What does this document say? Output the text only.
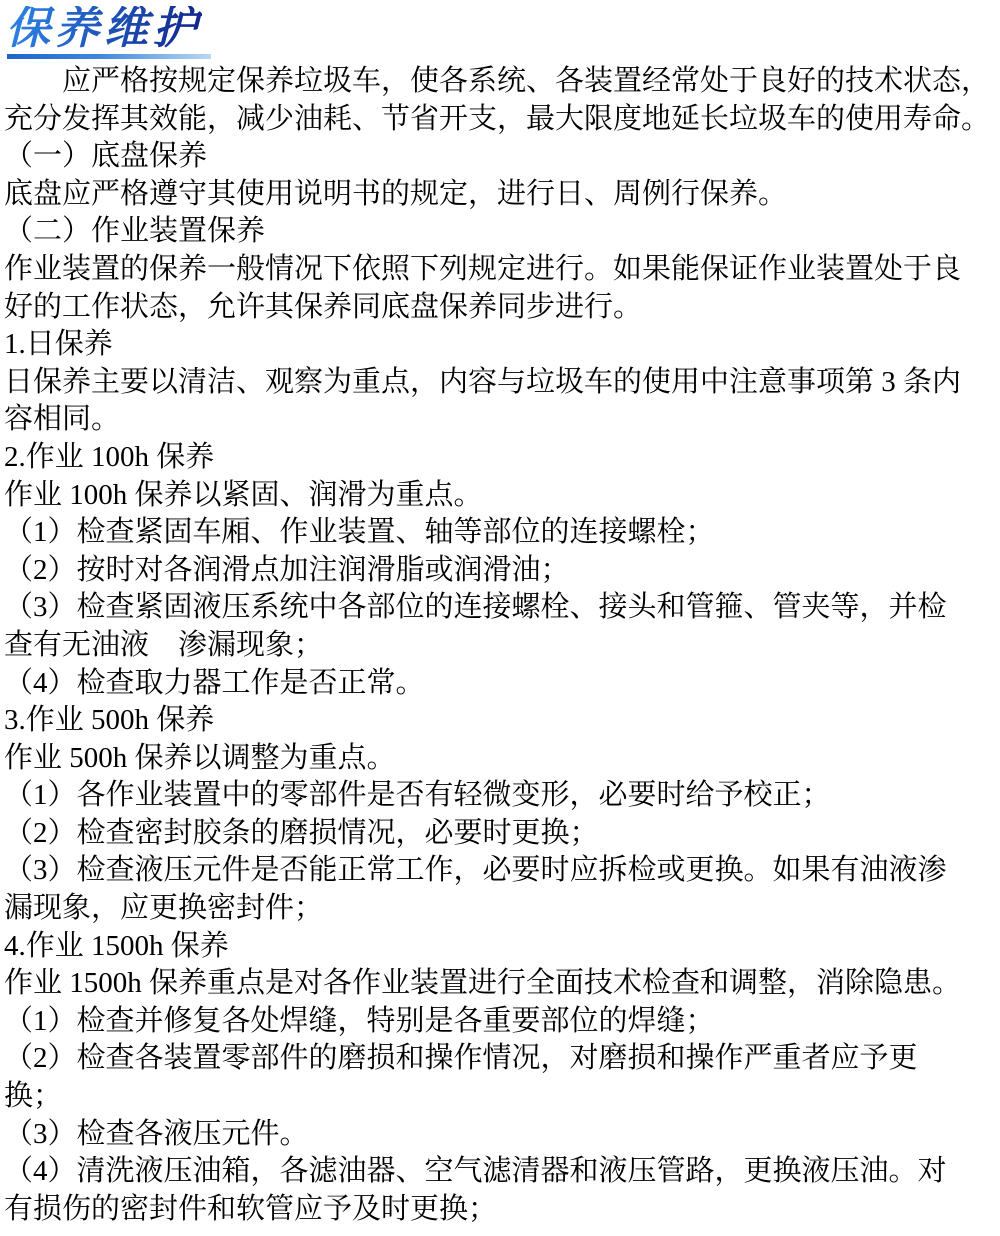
保养维护
应严格按规定保养垃圾车，使各系统、各装置经常处于良好的技术状态，
充分发挥其效能，减少油耗、节省开支，最大限度地延长垃圾车的使用寿命。
（一）底盘保养
底盘应严格遵守其使用说明书的规定，进行日、周例行保养。
（二）作业装置保养
作业装置的保养一般情况下依照下列规定进行。如果能保证作业装置处于良
好的工作状态，允许其保养同底盘保养同步进行。
1.日保养
日保养主要以清洁、观察为重点，内容与垃圾车的使用中注意事项第 3 条内
容相同。
2.作业 100h 保养
作业 100h 保养以紧固、润滑为重点。
（1）检查紧固车厢、作业装置、轴等部位的连接螺栓；
（2）按时对各润滑点加注润滑脂或润滑油；
（3）检查紧固液压系统中各部位的连接螺栓、接头和管箍、管夹等，并检
查有无油液　渗漏现象；
（4）检查取力器工作是否正常。
3.作业 500h 保养
作业 500h 保养以调整为重点。
（1）各作业装置中的零部件是否有轻微变形，必要时给予校正；
（2）检查密封胶条的磨损情况，必要时更换；
（3）检查液压元件是否能正常工作，必要时应拆检或更换。如果有油液渗
漏现象，应更换密封件；
4.作业 1500h 保养
作业 1500h 保养重点是对各作业装置进行全面技术检查和调整，消除隐患。
（1）检查并修复各处焊缝，特别是各重要部位的焊缝；
（2）检查各装置零部件的磨损和操作情况，对磨损和操作严重者应予更
换；
（3）检查各液压元件。
（4）清洗液压油箱，各滤油器、空气滤清器和液压管路，更换液压油。对
有损伤的密封件和软管应予及时更换；
